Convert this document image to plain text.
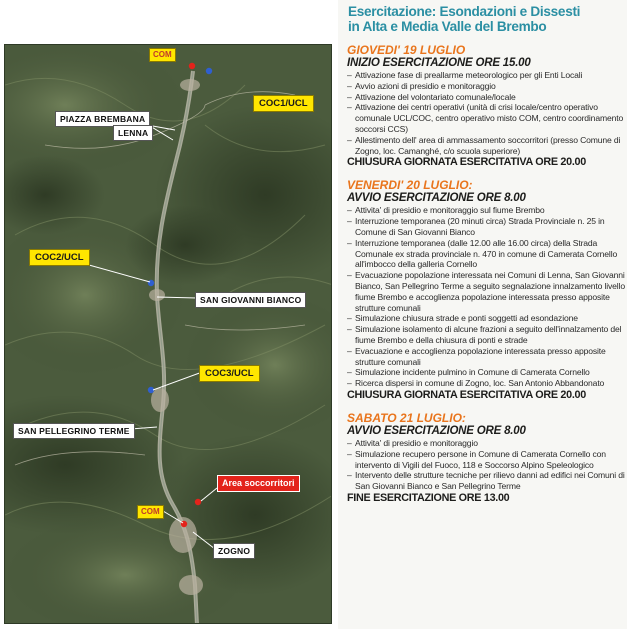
COM
PIAZZA BREMBANA
COC1/UCL
LENNA
COC2/UCL
SAN GIOVANNI BIANCO
COC3/UCL
SAN PELLEGRINO TERME
Area soccorritori
COM
ZOGNO
Esercitazione: Esondazioni e Dissesti
in Alta e Media Valle del Brembo
GIOVEDI' 19 LUGLIO
INIZIO ESERCITAZIONE ORE 15.00
– Attivazione fase di preallarme meteorologico per gli Enti Locali
– Avvio azioni di presidio e monitoraggio
– Attivazione del volontariato comunale/locale
– Attivazione dei centri operativi (unità di crisi locale/centro operativo comunale UCL/COC, centro operativo misto COM, centro coordinamento soccorsi CCS)
– Allestimento dell' area di ammassamento soccorritori (presso Comune di Zogno, loc. Camanghé, c/o scuola superiore)
CHIUSURA GIORNATA ESERCITATIVA ORE 20.00
VENERDI' 20 LUGLIO:
AVVIO ESERCITAZIONE ORE 8.00
– Attivita' di presidio e monitoraggio sul fiume Brembo
– Interruzione temporanea (20 minuti circa) Strada Provinciale n. 25 in Comune di San Giovanni Bianco
– Interruzione temporanea (dalle 12.00 alle 16.00 circa) della Strada Comunale ex strada provinciale n. 470 in comune di Camerata Cornello all'imbocco della galleria Cornello
– Evacuazione popolazione interessata nei Comuni di Lenna, San Giovanni Bianco, San Pellegrino Terme a seguito segnalazione innalzamento livello fiume Brembo e accoglienza popolazione interessata presso apposite strutture comunali
– Simulazione chiusura strade e ponti soggetti ad esondazione
– Simulazione isolamento di alcune frazioni a seguito dell'innalzamento del fiume Brembo e della chiusura di ponti e strade
– Evacuazione e accoglienza popolazione interessata presso apposite strutture comunali
– Simulazione incidente pulmino in Comune di Camerata Cornello
– Ricerca dispersi in comune di Zogno, loc. San Antonio Abbandonato
CHIUSURA GIORNATA ESERCITATIVA ORE 20.00
SABATO 21 LUGLIO:
AVVIO ESERCITAZIONE ORE 8.00
– Attivita' di presidio e monitoraggio
– Simulazione recupero persone in Comune di Camerata Cornello con intervento di Vigili del Fuoco, 118 e Soccorso Alpino Speleologico
– Intervento delle strutture tecniche per rilievo danni ad edifici nei Comuni di San Giovanni Bianco e San Pellegrino Terme
FINE ESERCITAZIONE ORE 13.00
